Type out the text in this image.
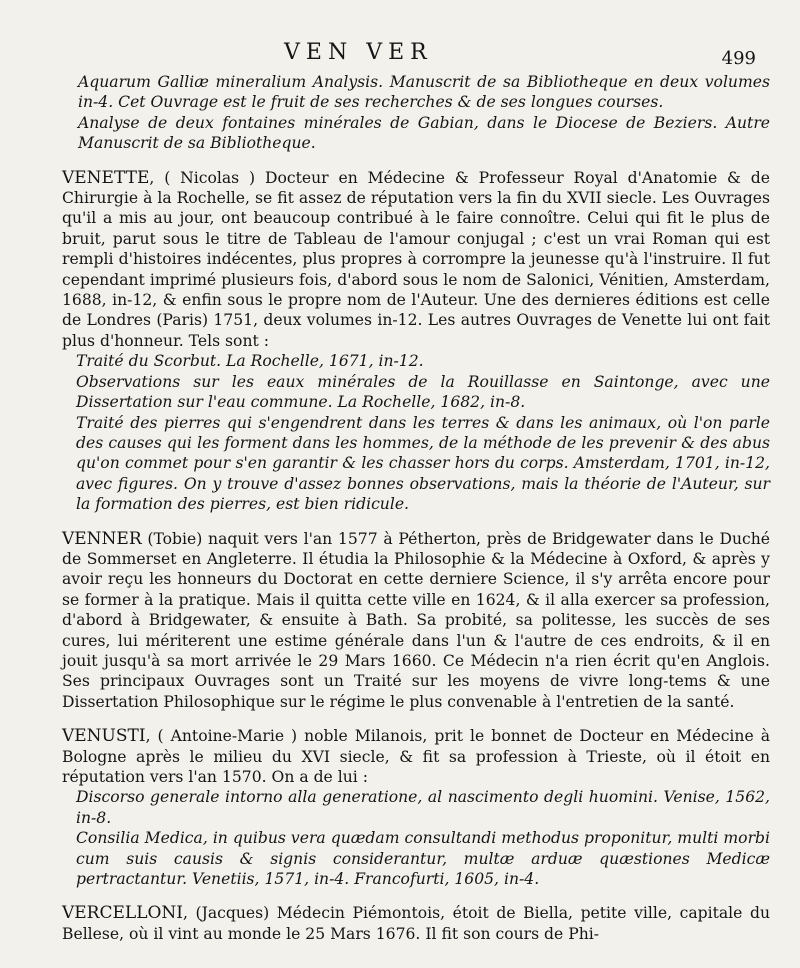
VEN VER	499

Aquarum Galliæ mineralium Analysis. Manuscrit de sa Bibliotheque en deux volumes in-4. Cet Ouvrage est le fruit de ses recherches & de ses longues courses.

Analyse de deux fontaines minérales de Gabian, dans le Diocese de Beziers. Autre Manuscrit de sa Bibliotheque.

VENETTE, ( Nicolas ) Docteur en Médecine & Professeur Royal d'Anatomie & de Chirurgie à la Rochelle, se fit assez de réputation vers la fin du XVII siecle. Les Ouvrages qu'il a mis au jour, ont beaucoup contribué à le faire connoître. Celui qui fit le plus de bruit, parut sous le titre de Tableau de l'amour conjugal ; c'est un vrai Roman qui est rempli d'histoires indécentes, plus propres à corrompre la jeunesse qu'à l'instruire. Il fut cependant imprimé plusieurs fois, d'abord sous le nom de Salonici, Vénitien, Amsterdam, 1688, in-12, & enfin sous le propre nom de l'Auteur. Une des dernieres éditions est celle de Londres (Paris) 1751, deux volumes in-12. Les autres Ouvrages de Venette lui ont fait plus d'honneur. Tels sont :

Traité du Scorbut. La Rochelle, 1671, in-12.

Observations sur les eaux minérales de la Rouillasse en Saintonge, avec une Dissertation sur l'eau commune. La Rochelle, 1682, in-8.

Traité des pierres qui s'engendrent dans les terres & dans les animaux, où l'on parle des causes qui les forment dans les hommes, de la méthode de les prevenir & des abus qu'on commet pour s'en garantir & les chasser hors du corps. Amsterdam, 1701, in-12, avec figures. On y trouve d'assez bonnes observations, mais la théorie de l'Auteur, sur la formation des pierres, est bien ridicule.

VENNER (Tobie) naquit vers l'an 1577 à Pétherton, près de Bridgewater dans le Duché de Sommerset en Angleterre. Il étudia la Philosophie & la Médecine à Oxford, & après y avoir reçu les honneurs du Doctorat en cette derniere Science, il s'y arrêta encore pour se former à la pratique. Mais il quitta cette ville en 1624, & il alla exercer sa profession, d'abord à Bridgewater, & ensuite à Bath. Sa probité, sa politesse, les succès de ses cures, lui mériterent une estime générale dans l'un & l'autre de ces endroits, & il en jouit jusqu'à sa mort arrivée le 29 Mars 1660. Ce Médecin n'a rien écrit qu'en Anglois. Ses principaux Ouvrages sont un Traité sur les moyens de vivre long-tems & une Dissertation Philosophique sur le régime le plus convenable à l'entretien de la santé.

VENUSTI, ( Antoine-Marie ) noble Milanois, prit le bonnet de Docteur en Médecine à Bologne après le milieu du XVI siecle, & fit sa profession à Trieste, où il étoit en réputation vers l'an 1570. On a de lui :

Discorso generale intorno alla generatione, al nascimento degli huomini. Venise, 1562, in-8.

Consilia Medica, in quibus vera quædam consultandi methodus proponitur, multi morbi cum suis causis & signis considerantur, multæ arduæ quæstiones Medicæ pertractantur. Venetiis, 1571, in-4. Francofurti, 1605, in-4.

VERCELLONI, (Jacques) Médecin Piémontois, étoit de Biella, petite ville, capitale du Bellese, où il vint au monde le 25 Mars 1676. Il fit son cours de Phi-
